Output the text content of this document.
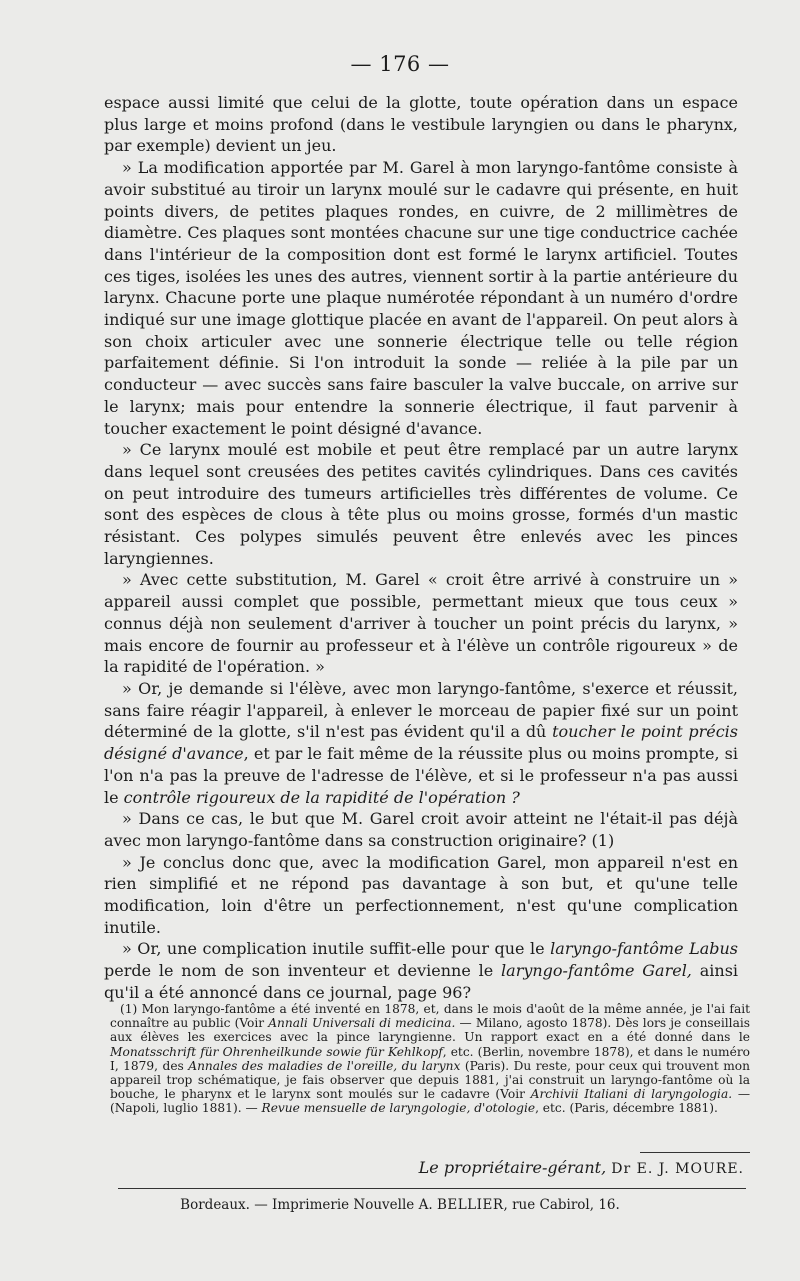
— 176 —

espace aussi limité que celui de la glotte, toute opération dans un espace plus large et moins profond (dans le vestibule laryngien ou dans le pharynx, par exemple) devient un jeu.

» La modification apportée par M. Garel à mon laryngo-fantôme consiste à avoir substitué au tiroir un larynx moulé sur le cadavre qui présente, en huit points divers, de petites plaques rondes, en cuivre, de 2 millimètres de diamètre. Ces plaques sont montées chacune sur une tige conductrice cachée dans l'intérieur de la composition dont est formé le larynx artificiel. Toutes ces tiges, isolées les unes des autres, viennent sortir à la partie antérieure du larynx. Chacune porte une plaque numérotée répondant à un numéro d'ordre indiqué sur une image glottique placée en avant de l'appareil. On peut alors à son choix articuler avec une sonnerie électrique telle ou telle région parfaitement définie. Si l'on introduit la sonde — reliée à la pile par un conducteur — avec succès sans faire basculer la valve buccale, on arrive sur le larynx; mais pour entendre la sonnerie électrique, il faut parvenir à toucher exactement le point désigné d'avance.

» Ce larynx moulé est mobile et peut être remplacé par un autre larynx dans lequel sont creusées des petites cavités cylindriques. Dans ces cavités on peut introduire des tumeurs artificielles très différentes de volume. Ce sont des espèces de clous à tête plus ou moins grosse, formés d'un mastic résistant. Ces polypes simulés peuvent être enlevés avec les pinces laryngiennes.

» Avec cette substitution, M. Garel « croit être arrivé à construire un » appareil aussi complet que possible, permettant mieux que tous ceux » connus déjà non seulement d'arriver à toucher un point précis du larynx, » mais encore de fournir au professeur et à l'élève un contrôle rigoureux » de la rapidité de l'opération. »

» Or, je demande si l'élève, avec mon laryngo-fantôme, s'exerce et réussit, sans faire réagir l'appareil, à enlever le morceau de papier fixé sur un point déterminé de la glotte, s'il n'est pas évident qu'il a dû toucher le point précis désigné d'avance, et par le fait même de la réussite plus ou moins prompte, si l'on n'a pas la preuve de l'adresse de l'élève, et si le professeur n'a pas aussi le contrôle rigoureux de la rapidité de l'opération ?

» Dans ce cas, le but que M. Garel croit avoir atteint ne l'était-il pas déjà avec mon laryngo-fantôme dans sa construction originaire? (1)

» Je conclus donc que, avec la modification Garel, mon appareil n'est en rien simplifié et ne répond pas davantage à son but, et qu'une telle modification, loin d'être un perfectionnement, n'est qu'une complication inutile.

» Or, une complication inutile suffit-elle pour que le laryngo-fantôme Labus perde le nom de son inventeur et devienne le laryngo-fantôme Garel, ainsi qu'il a été annoncé dans ce journal, page 96?

(1) Mon laryngo-fantôme a été inventé en 1878, et, dans le mois d'août de la même année, je l'ai fait connaître au public (Voir Annali Universali di medicina. — Milano, agosto 1878). Dès lors je conseillais aux élèves les exercices avec la pince laryngienne. Un rapport exact en a été donné dans le Monatsschrift für Ohrenheilkunde sowie für Kehlkopf, etc. (Berlin, novembre 1878), et dans le numéro I, 1879, des Annales des maladies de l'oreille, du larynx (Paris). Du reste, pour ceux qui trouvent mon appareil trop schématique, je fais observer que depuis 1881, j'ai construit un laryngo-fantôme où la bouche, le pharynx et le larynx sont moulés sur le cadavre (Voir Archivii Italiani di laryngologia. — (Napoli, luglio 1881). — Revue mensuelle de laryngologie, d'otologie, etc. (Paris, décembre 1881).

Le propriétaire-gérant, Dr E. J. MOURE.
Bordeaux. — Imprimerie Nouvelle A. BELLIER, rue Cabirol, 16.
